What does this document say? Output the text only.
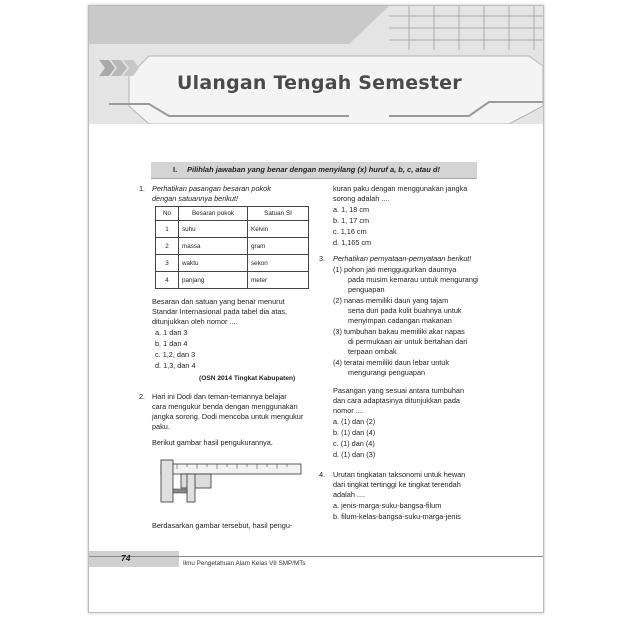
Ulangan Tengah Semester
I. Pilihlah jawaban yang benar dengan menyilang (x) huruf a, b, c, atau d!
1. Perhatikan pasangan besaran pokok
dengan satuannya berikut!
No	Besaran pokok	Satuan SI
1	suhu	Kelvin
2	massa	gram
3	waktu	sekon
4	panjang	meter
Besaran dan satuan yang benar menurut
Standar Internasional pada tabel dia atas,
ditunjukkan oleh nomor ....
a. 1 dan 3
b. 1 dan 4
c. 1,2, dan 3
d. 1,3, dan 4
(OSN 2014 Tingkat Kabupaten)
2. Hari ini Dodi dan teman-temannya belajar
cara mengukur benda dengan menggunakan
jangka sorong. Dodi mencoba untuk mengukur
paku.
Berikut gambar hasil pengukurannya.
Berdasarkan gambar tersebut, hasil pengu-
kuran paku dengan menggunakan jangka
sorong adalah ....
a. 1, 18 cm
b. 1, 17 cm
c. 1,16 cm
d. 1,165 cm
3. Perhatikan pernyataan-pernyataan berikut!
(1) pohon jati menggugurkan daunnya
pada musim kemarau untuk mengurangi
penguapan
(2) nanas memiliki daun yang tajam
serta duri pada kulit buahnya untuk
menyimpan cadangan makanan
(3) tumbuhan bakau memiliki akar napas
di permukaan air untuk bertahan dari
terpaan ombak
(4) teratai memiliki daun lebar untuk
mengurangi penguapan
Pasangan yang sesuai antara tumbuhan
dan cara adaptasinya ditunjukkan pada
nomor ....
a. (1) dan (2)
b. (1) dan (4)
c. (1) dan (4)
d. (1) dan (3)
4. Urutan tingkatan taksonomi untuk hewan
dari tingkat tertinggi ke tingkat terendah
adalah ....
a. jenis-marga-suku-bangsa-filum
b. filum-kelas-bangsa-suku-marga-jenis
74
Ilmu Pengetahuan Alam Kelas VII SMP/MTs
